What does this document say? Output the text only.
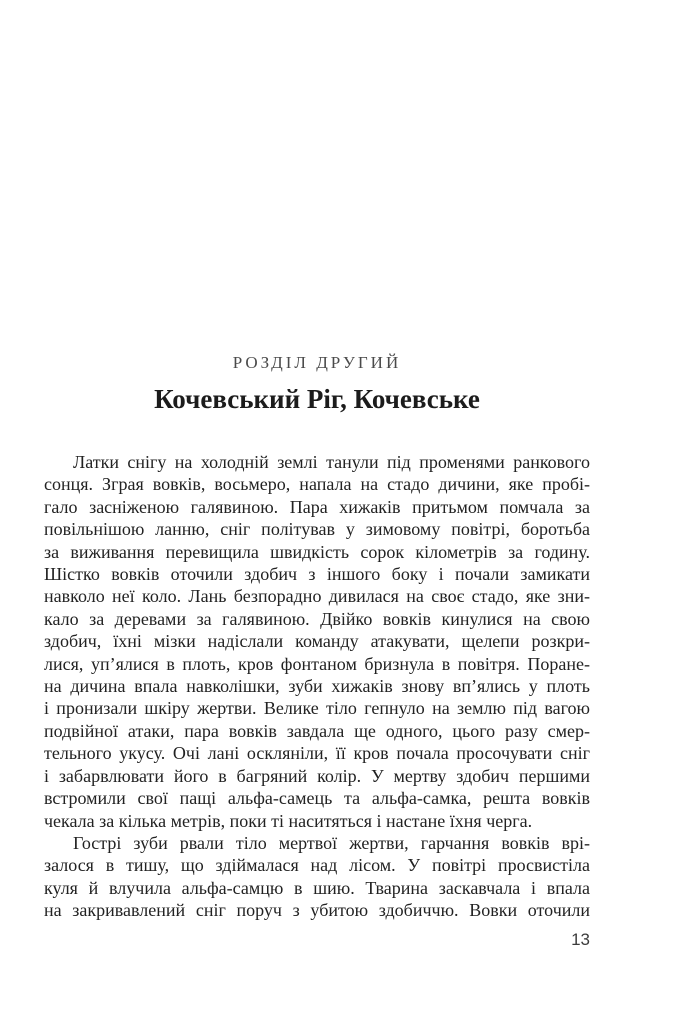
РОЗДІЛ ДРУГИЙ
Кочевський Ріг, Кочевське
Латки снігу на холодній землі танули під променями ранкового
сонця. Зграя вовків, восьмеро, напала на стадо дичини, яке пробі-
гало засніженою галявиною. Пара хижаків притьмом помчала за
повільнішою ланню, сніг політував у зимовому повітрі, боротьба
за виживання перевищила швидкість сорок кілометрів за годину.
Шістко вовків оточили здобич з іншого боку і почали замикати
навколо неї коло. Лань безпорадно дивилася на своє стадо, яке зни-
кало за деревами за галявиною. Двійко вовків кинулися на свою
здобич, їхні мізки надіслали команду атакувати, щелепи розкри-
лися, уп’ялися в плоть, кров фонтаном бризнула в повітря. Поране-
на дичина впала навколішки, зуби хижаків знову вп’ялись у плоть
і пронизали шкіру жертви. Велике тіло гепнуло на землю під вагою
подвійної атаки, пара вовків завдала ще одного, цього разу смер-
тельного укусу. Очі лані оскляніли, її кров почала просочувати сніг
і забарвлювати його в багряний колір. У мертву здобич першими
встромили свої пащі альфа-самець та альфа-самка, решта вовків
чекала за кілька метрів, поки ті наситяться і настане їхня черга.
Гострі зуби рвали тіло мертвої жертви, гарчання вовків врі-
залося в тишу, що здіймалася над лісом. У повітрі просвистіла
куля й влучила альфа-самцю в шию. Тварина заскавчала і впала
на закривавлений сніг поруч з убитою здобиччю. Вовки оточили
13
